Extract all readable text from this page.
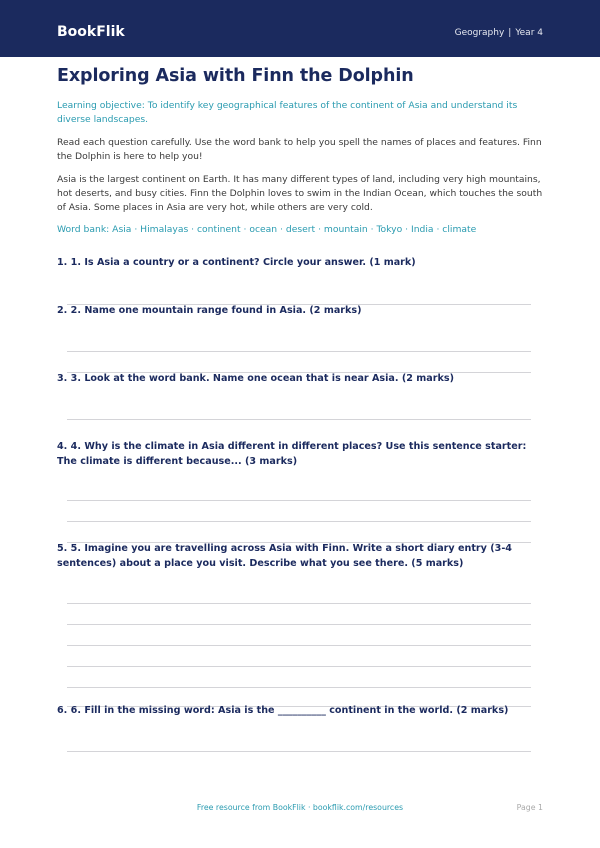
BookFlik	Geography | Year 4
Exploring Asia with Finn the Dolphin
Learning objective: To identify key geographical features of the continent of Asia and understand its diverse landscapes.
Read each question carefully. Use the word bank to help you spell the names of places and features. Finn the Dolphin is here to help you!
Asia is the largest continent on Earth. It has many different types of land, including very high mountains, hot deserts, and busy cities. Finn the Dolphin loves to swim in the Indian Ocean, which touches the south of Asia. Some places in Asia are very hot, while others are very cold.
Word bank: Asia · Himalayas · continent · ocean · desert · mountain · Tokyo · India · climate
1. 1. Is Asia a country or a continent? Circle your answer. (1 mark)
2. 2. Name one mountain range found in Asia. (2 marks)
3. 3. Look at the word bank. Name one ocean that is near Asia. (2 marks)
4. 4. Why is the climate in Asia different in different places? Use this sentence starter: The climate is different because... (3 marks)
5. 5. Imagine you are travelling across Asia with Finn. Write a short diary entry (3-4 sentences) about a place you visit. Describe what you see there. (5 marks)
6. 6. Fill in the missing word: Asia is the __________ continent in the world. (2 marks)
Free resource from BookFlik · bookflik.com/resources	Page 1
